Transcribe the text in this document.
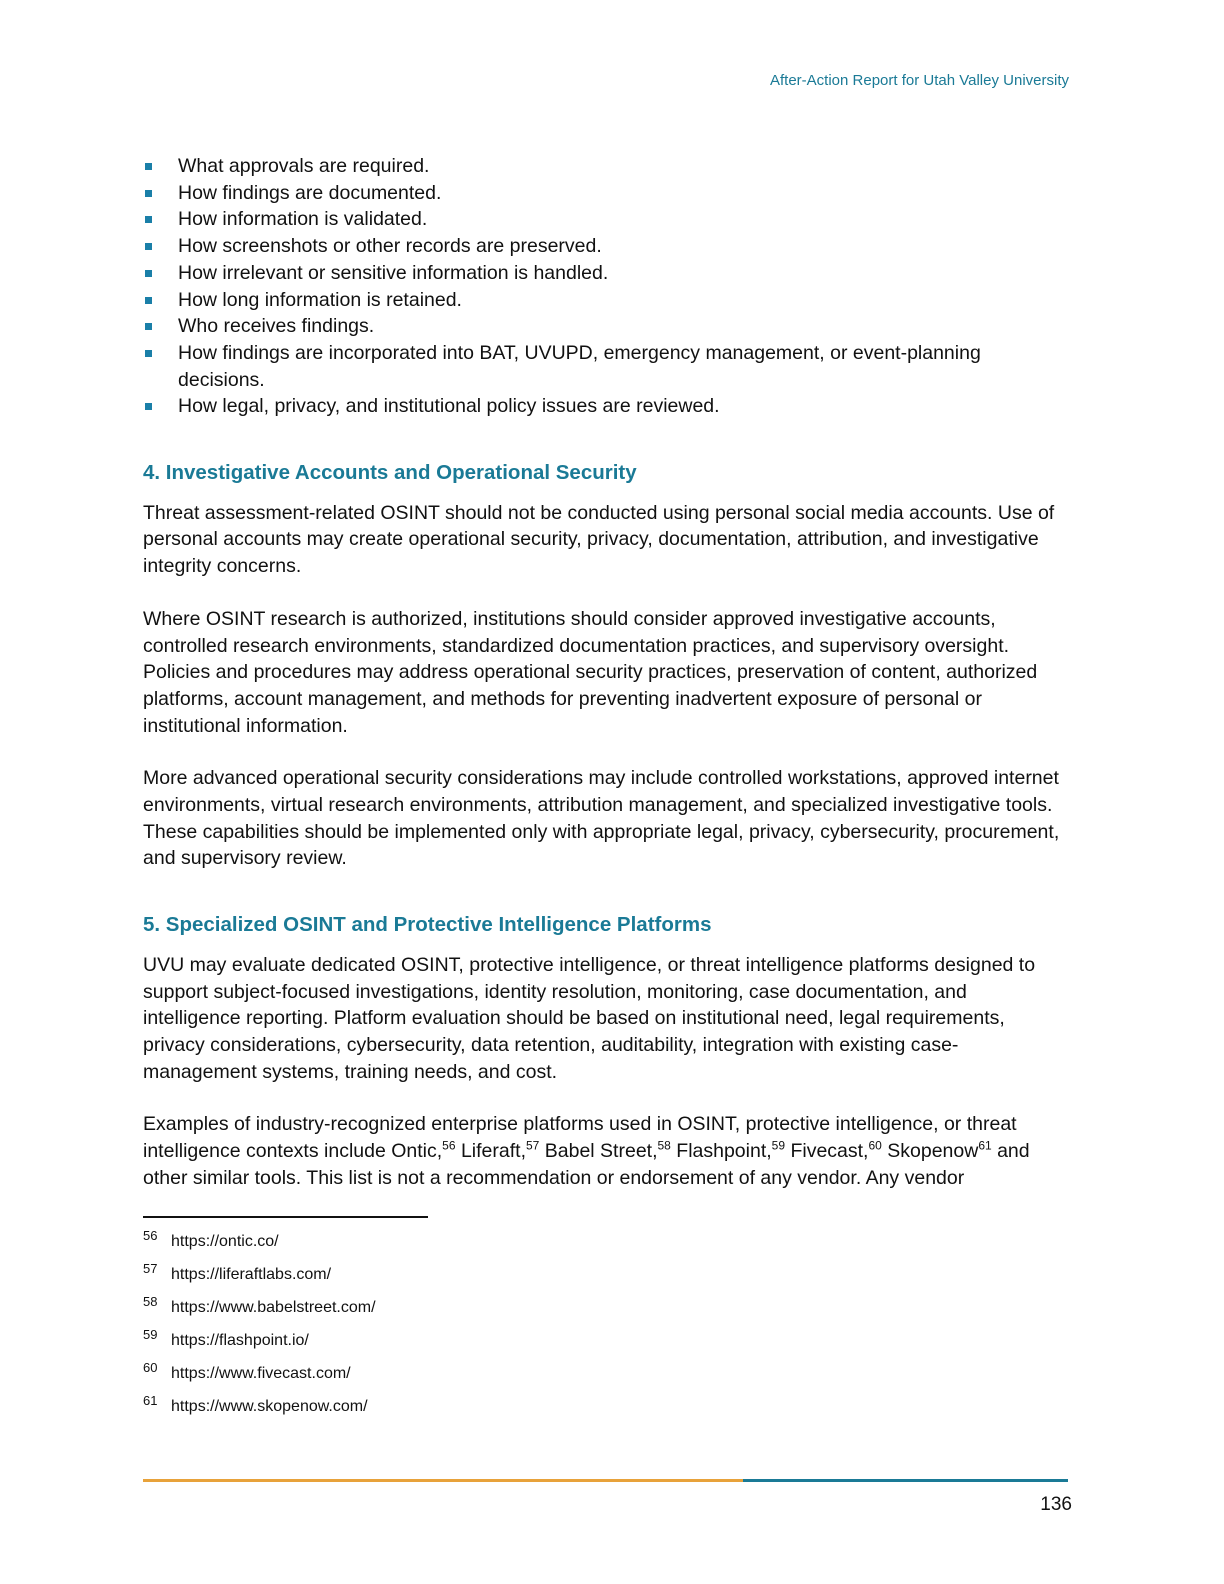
After-Action Report for Utah Valley University
What approvals are required.
How findings are documented.
How information is validated.
How screenshots or other records are preserved.
How irrelevant or sensitive information is handled.
How long information is retained.
Who receives findings.
How findings are incorporated into BAT, UVUPD, emergency management, or event-planning decisions.
How legal, privacy, and institutional policy issues are reviewed.
4. Investigative Accounts and Operational Security

Threat assessment-related OSINT should not be conducted using personal social media accounts. Use of personal accounts may create operational security, privacy, documentation, attribution, and investigative integrity concerns.

Where OSINT research is authorized, institutions should consider approved investigative accounts, controlled research environments, standardized documentation practices, and supervisory oversight. Policies and procedures may address operational security practices, preservation of content, authorized platforms, account management, and methods for preventing inadvertent exposure of personal or institutional information.

More advanced operational security considerations may include controlled workstations, approved internet environments, virtual research environments, attribution management, and specialized investigative tools. These capabilities should be implemented only with appropriate legal, privacy, cybersecurity, procurement, and supervisory review.

5. Specialized OSINT and Protective Intelligence Platforms

UVU may evaluate dedicated OSINT, protective intelligence, or threat intelligence platforms designed to support subject-focused investigations, identity resolution, monitoring, case documentation, and intelligence reporting. Platform evaluation should be based on institutional need, legal requirements, privacy considerations, cybersecurity, data retention, auditability, integration with existing case-management systems, training needs, and cost.

Examples of industry-recognized enterprise platforms used in OSINT, protective intelligence, or threat intelligence contexts include Ontic,$^{56}$ Liferaft,$^{57}$ Babel Street,$^{58}$ Flashpoint,$^{59}$ Fivecast,$^{60}$ Skopenow$^{61}$ and other similar tools. This list is not a recommendation or endorsement of any vendor. Any vendor

56 https://ontic.co/
57 https://liferaftlabs.com/
58 https://www.babelstreet.com/
59 https://flashpoint.io/
60 https://www.fivecast.com/
61 https://www.skopenow.com/
136
